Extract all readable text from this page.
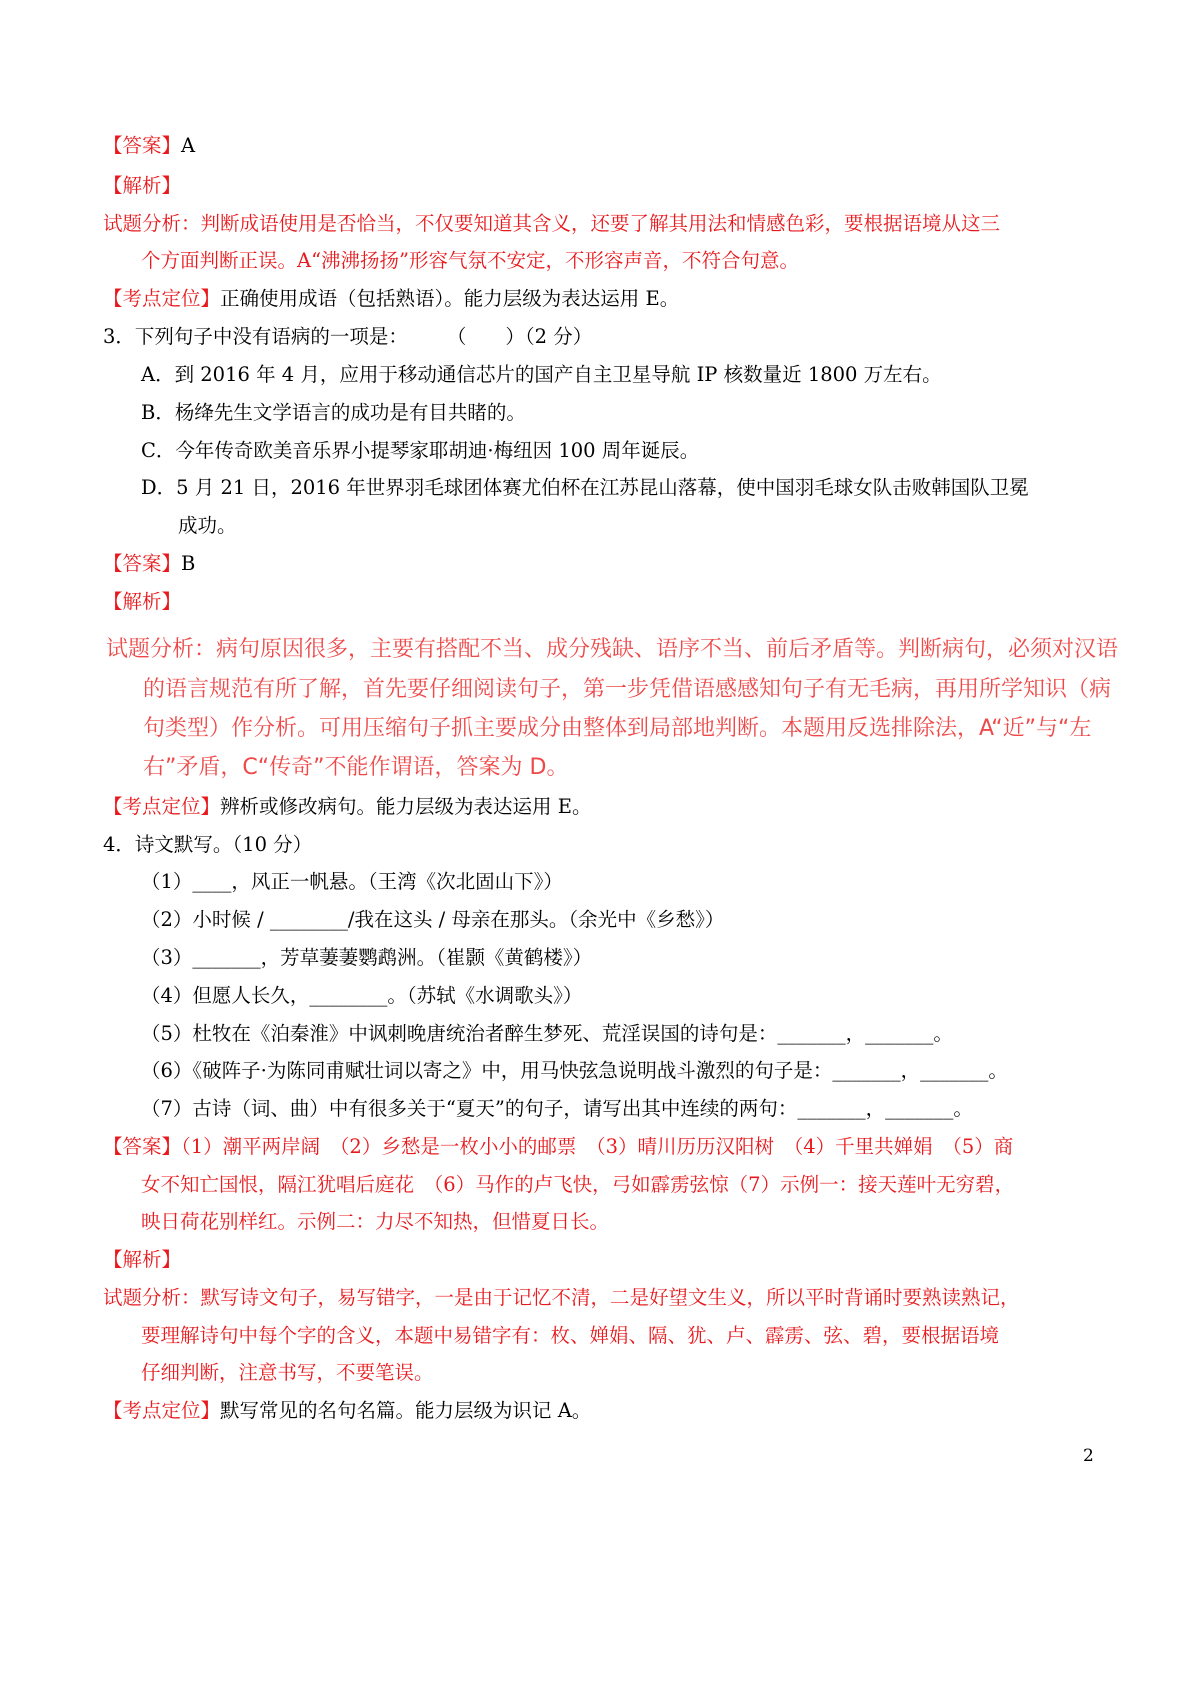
【答案】A

【解析】

试题分析：判断成语使用是否恰当，不仅要知道其含义，还要了解其用法和情感色彩，要根据语境从这三

个方面判断正误。A“沸沸扬扬”形容气氛不安定，不形容声音，不符合句意。

【考点定位】正确使用成语（包括熟语）。能力层级为表达运用 E。

3．下列句子中没有语病的一项是：　　　（　　）（2 分）

A．到 2016 年 4 月，应用于移动通信芯片的国产自主卫星导航 IP 核数量近 1800 万左右。

B．杨绛先生文学语言的成功是有目共睹的。

C．今年传奇欧美音乐界小提琴家耶胡迪·梅纽因 100 周年诞辰。

D．5 月 21 日，2016 年世界羽毛球团体赛尤伯杯在江苏昆山落幕，使中国羽毛球女队击败韩国队卫冕

成功。

【答案】B

【解析】

试题分析：病句原因很多，主要有搭配不当、成分残缺、语序不当、前后矛盾等。判断病句，必须对汉语

的语言规范有所了解，首先要仔细阅读句子，第一步凭借语感感知句子有无毛病，再用所学知识（病

句类型）作分析。可用压缩句子抓主要成分由整体到局部地判断。本题用反选排除法，A“近”与“左

右”矛盾，C“传奇”不能作谓语，答案为 D。

【考点定位】辨析或修改病句。能力层级为表达运用 E。

4．诗文默写。（10 分）

（1）____，风正一帆悬。（王湾《次北固山下》）

（2）小时候 / ________/我在这头 / 母亲在那头。（余光中《乡愁》）

（3）_______，芳草萋萋鹦鹉洲。（崔颢《黄鹤楼》）

（4）但愿人长久，________。（苏轼《水调歌头》）

（5）杜牧在《泊秦淮》中讽刺晚唐统治者醉生梦死、荒淫误国的诗句是：_______，_______。

（6）《破阵子·为陈同甫赋壮词以寄之》中，用马快弦急说明战斗激烈的句子是：_______，_______。

（7）古诗（词、曲）中有很多关于“夏天”的句子，请写出其中连续的两句：_______，_______。

【答案】（1）潮平两岸阔　（2）乡愁是一枚小小的邮票　（3）晴川历历汉阳树　（4）千里共婵娟　（5）商

女不知亡国恨，隔江犹唱后庭花　（6）马作的卢飞快，弓如霹雳弦惊（7）示例一：接天莲叶无穷碧，

映日荷花别样红。示例二：力尽不知热，但惜夏日长。

【解析】

试题分析：默写诗文句子，易写错字，一是由于记忆不清，二是好望文生义，所以平时背诵时要熟读熟记，

要理解诗句中每个字的含义，本题中易错字有：枚、婵娟、隔、犹、卢、霹雳、弦、碧，要根据语境

仔细判断，注意书写，不要笔误。

【考点定位】默写常见的名句名篇。能力层级为识记 A。

2
